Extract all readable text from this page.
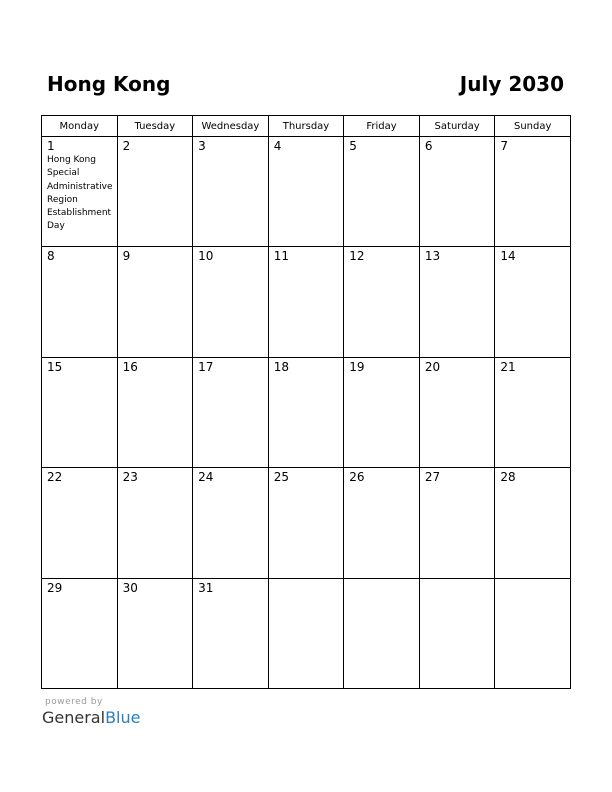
Hong Kong	July 2030
Monday	Tuesday	Wednesday	Thursday	Friday	Saturday	Sunday

1
Hong Kong Special Administrative Region Establishment Day	2	3	4	5	6	7

8	9	10	11	12	13	14

15	16	17	18	19	20	21

22	23	24	25	26	27	28

29	30	31				

powered by
GeneralBlue
